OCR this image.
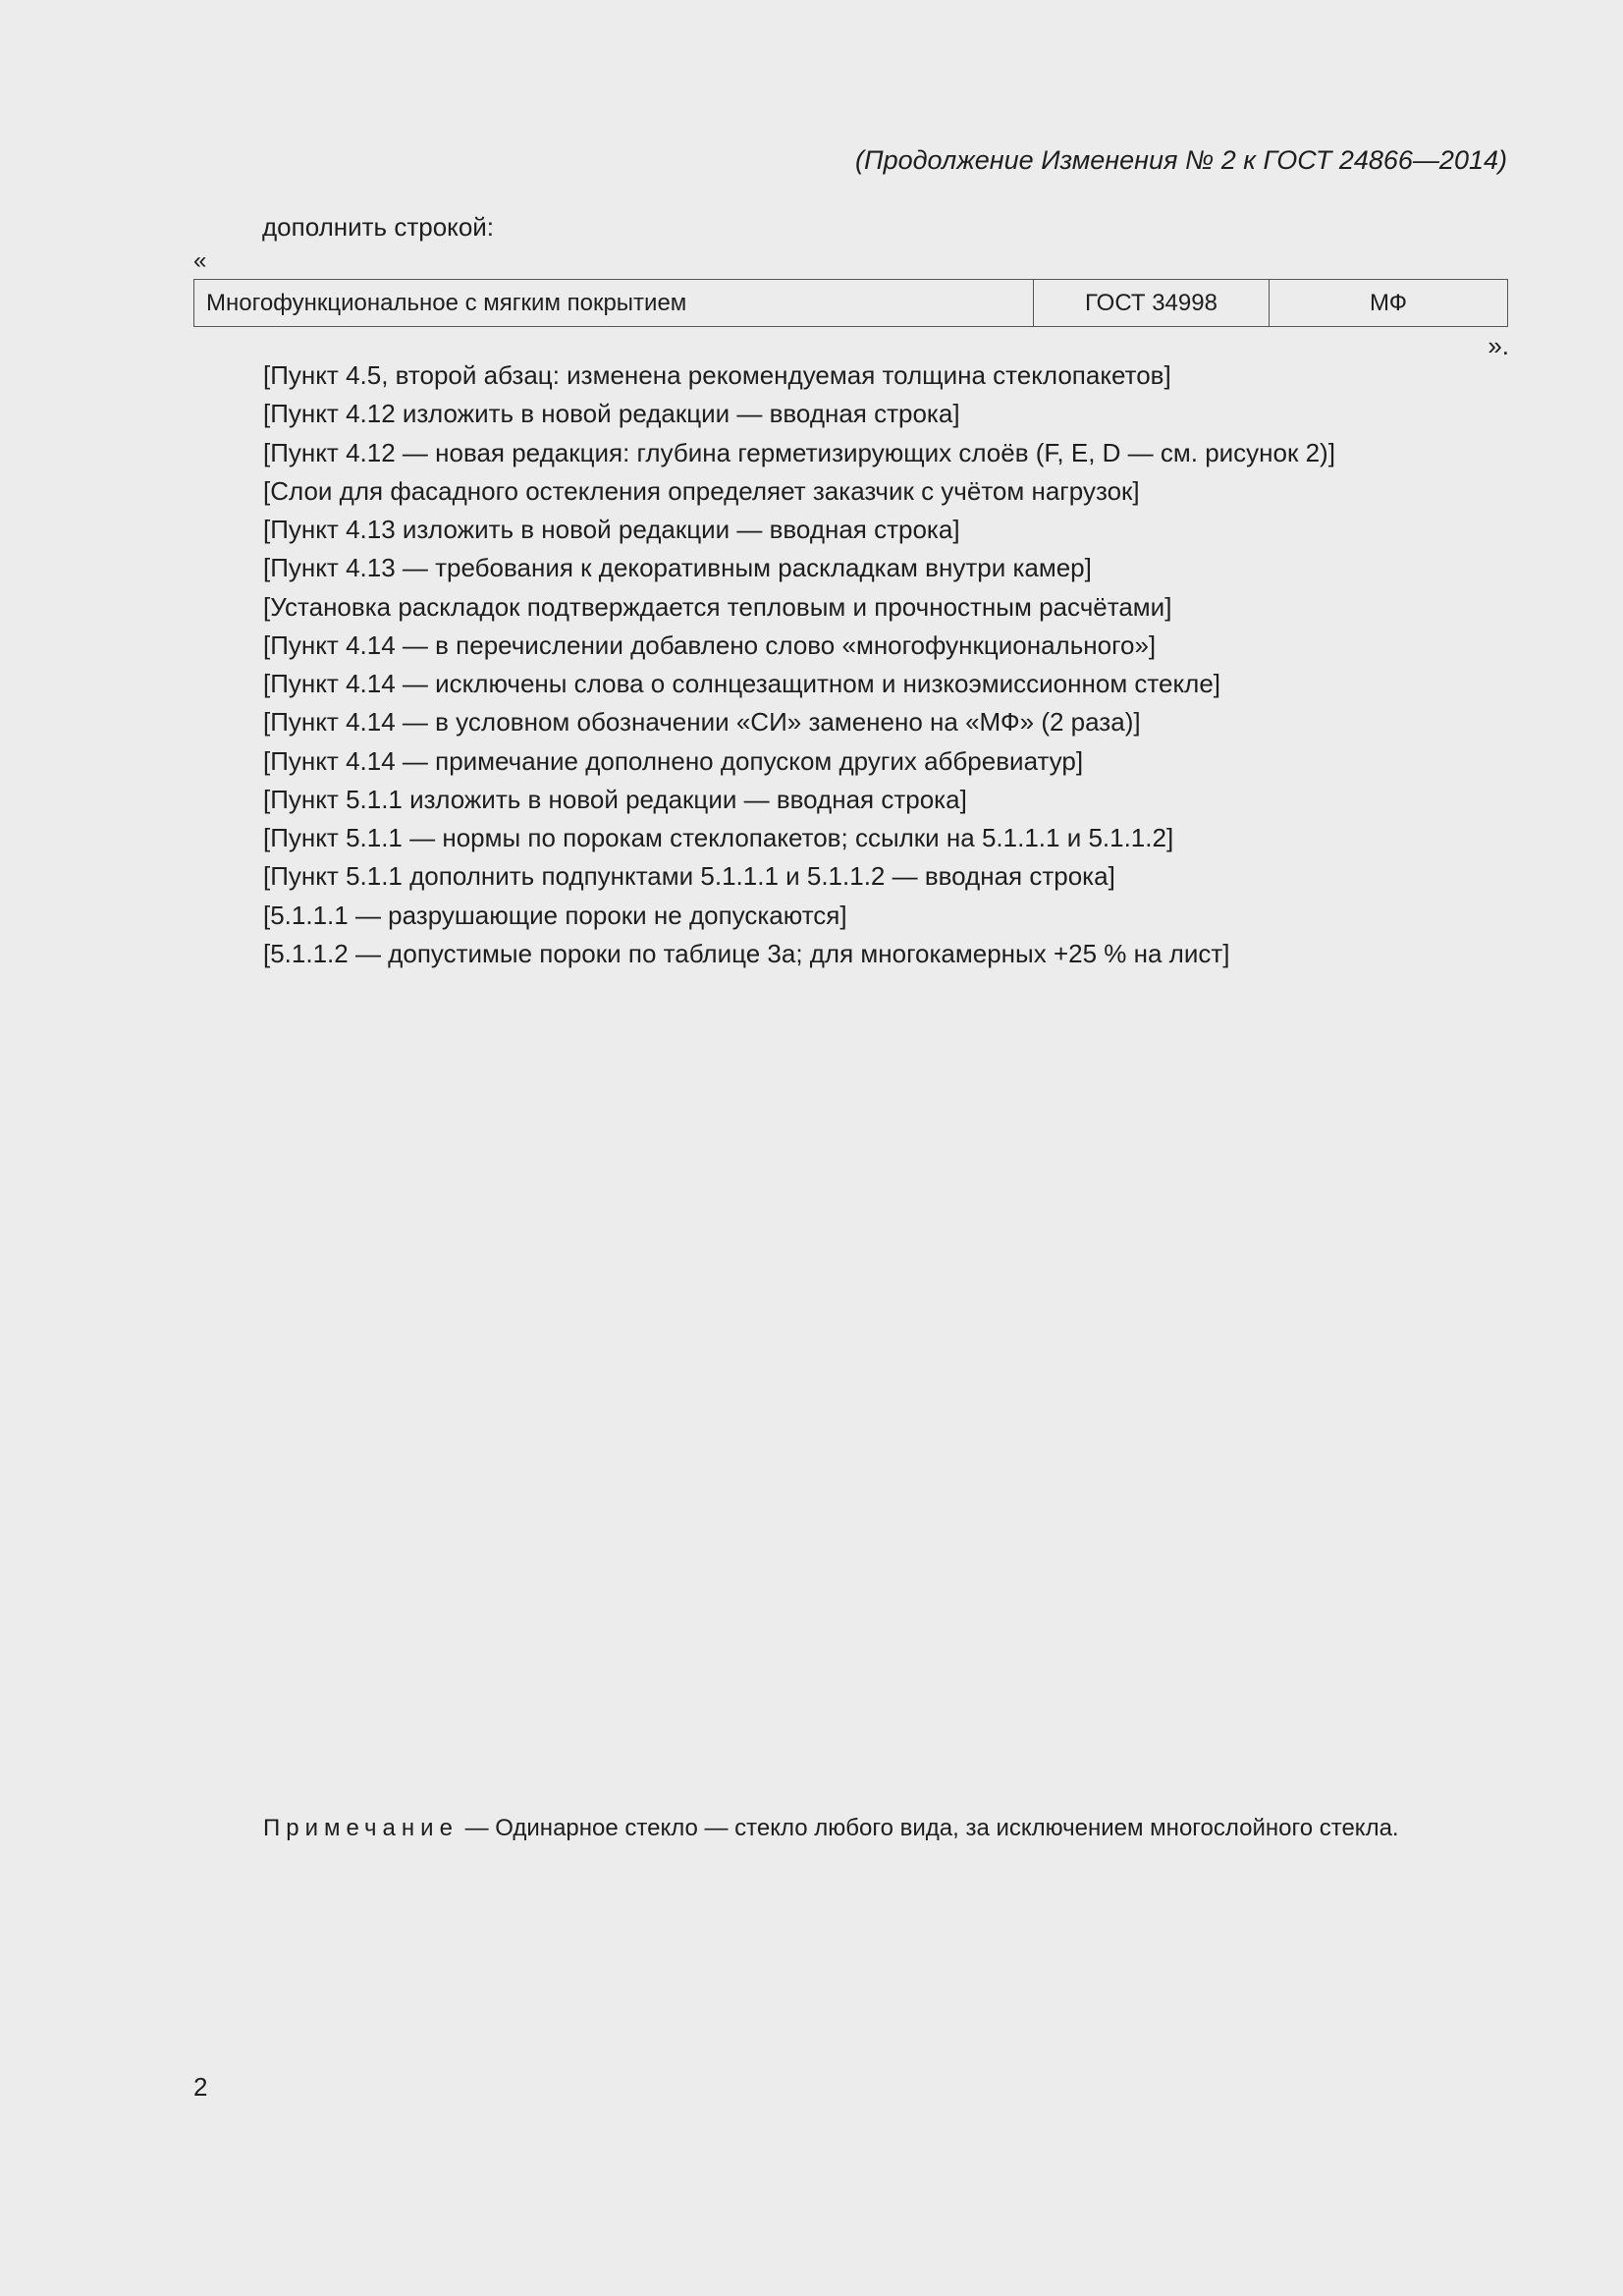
(Продолжение Изменения № 2 к ГОСТ 24866—2014)
дополнить строкой:
«
Многофункциональное с мягким покрытием	ГОСТ 34998	МФ
».

[Пункт 4.5, второй абзац: изменена рекомендуемая толщина стеклопакетов]

[Пункт 4.12 изложить в новой редакции — вводная строка]

[Пункт 4.12 — новая редакция: глубина герметизирующих слоёв (F, E, D — см. рисунок 2)]

[Слои для фасадного остекления определяет заказчик с учётом нагрузок]

[Пункт 4.13 изложить в новой редакции — вводная строка]

[Пункт 4.13 — требования к декоративным раскладкам внутри камер]

[Установка раскладок подтверждается тепловым и прочностным расчётами]

[Пункт 4.14 — в перечислении добавлено слово «многофункционального»]

[Пункт 4.14 — исключены слова о солнцезащитном и низкоэмиссионном стекле]

[Пункт 4.14 — в условном обозначении «СИ» заменено на «МФ» (2 раза)]

[Пункт 4.14 — примечание дополнено допуском других аббревиатур]

[Пункт 5.1.1 изложить в новой редакции — вводная строка]

[Пункт 5.1.1 — нормы по порокам стеклопакетов; ссылки на 5.1.1.1 и 5.1.1.2]

[Пункт 5.1.1 дополнить подпунктами 5.1.1.1 и 5.1.1.2 — вводная строка]

[5.1.1.1 — разрушающие пороки не допускаются]

[5.1.1.2 — допустимые пороки по таблице 3а; для многокамерных +25 % на лист]

Примечание — Одинарное стекло — стекло любого вида, за исключением многослойного стекла.
2
